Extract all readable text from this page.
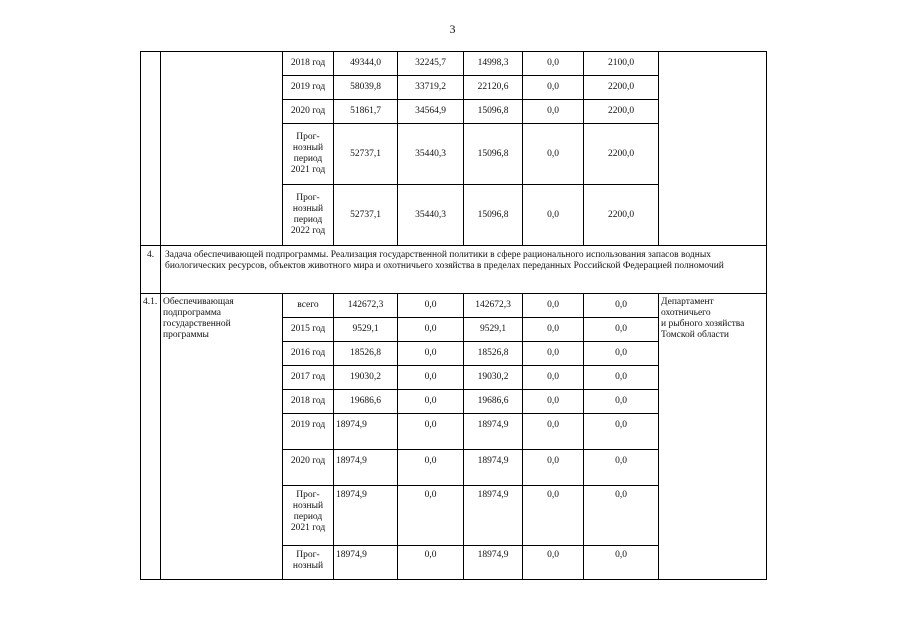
3
		2018 год	49344,0	32245,7	14998,3	0,0	2100,0	
		2019 год	58039,8	33719,2	22120,6	0,0	2200,0	
		2020 год	51861,7	34564,9	15096,8	0,0	2200,0	
		Прог-
нозный
период
2021 год	52737,1	35440,3	15096,8	0,0	2200,0	
		Прог-
нозный
период
2022 год	52737,1	35440,3	15096,8	0,0	2200,0	
4.	Задача обеспечивающей подпрограммы. Реализация государственной политики в сфере рационального использования запасов водных биологических ресурсов, объектов животного мира и охотничьего хозяйства в пределах переданных Российской Федерацией полномочий							
4.1.	Обеспечивающая
подпрограмма
государственной
программы	всего	142672,3	0,0	142672,3	0,0	0,0	Департамент
охотничьего
и рыбного хозяйства
Томской области
		2015 год	9529,1	0,0	9529,1	0,0	0,0	
		2016 год	18526,8	0,0	18526,8	0,0	0,0	
		2017 год	19030,2	0,0	19030,2	0,0	0,0	
		2018 год	19686,6	0,0	19686,6	0,0	0,0	
		2019 год	18974,9	0,0	18974,9	0,0	0,0	
		2020 год	18974,9	0,0	18974,9	0,0	0,0	
		Прог-
нозный
период
2021 год	18974,9	0,0	18974,9	0,0	0,0	
		Прог-
нозный	18974,9	0,0	18974,9	0,0	0,0	
